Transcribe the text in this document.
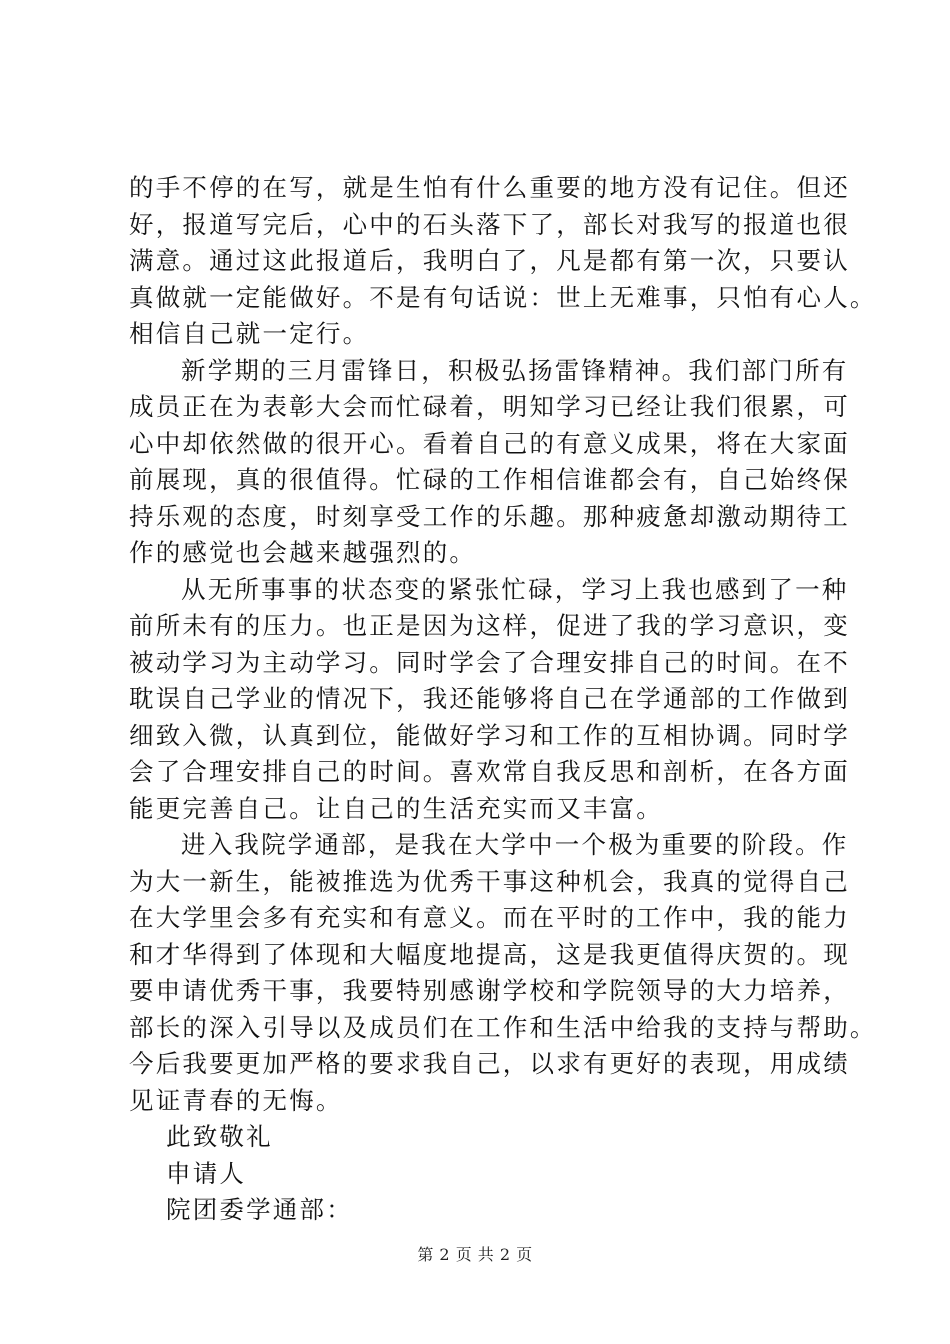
的手不停的在写，就是生怕有什么重要的地方没有记住。但还
好，报道写完后，心中的石头落下了，部长对我写的报道也很
满意。通过这此报道后，我明白了，凡是都有第一次，只要认
真做就一定能做好。不是有句话说：世上无难事，只怕有心人。
相信自己就一定行。
新学期的三月雷锋日，积极弘扬雷锋精神。我们部门所有
成员正在为表彰大会而忙碌着，明知学习已经让我们很累，可
心中却依然做的很开心。看着自己的有意义成果，将在大家面
前展现，真的很值得。忙碌的工作相信谁都会有，自己始终保
持乐观的态度，时刻享受工作的乐趣。那种疲惫却激动期待工
作的感觉也会越来越强烈的。
从无所事事的状态变的紧张忙碌，学习上我也感到了一种
前所未有的压力。也正是因为这样，促进了我的学习意识，变
被动学习为主动学习。同时学会了合理安排自己的时间。在不
耽误自己学业的情况下，我还能够将自己在学通部的工作做到
细致入微，认真到位，能做好学习和工作的互相协调。同时学
会了合理安排自己的时间。喜欢常自我反思和剖析，在各方面
能更完善自己。让自己的生活充实而又丰富。
进入我院学通部，是我在大学中一个极为重要的阶段。作
为大一新生，能被推选为优秀干事这种机会，我真的觉得自己
在大学里会多有充实和有意义。而在平时的工作中，我的能力
和才华得到了体现和大幅度地提高，这是我更值得庆贺的。现
要申请优秀干事，我要特别感谢学校和学院领导的大力培养，
部长的深入引导以及成员们在工作和生活中给我的支持与帮助。
今后我要更加严格的要求我自己，以求有更好的表现，用成绩
见证青春的无悔。
此致敬礼
申请人
院团委学通部：
第 2 页 共 2 页
